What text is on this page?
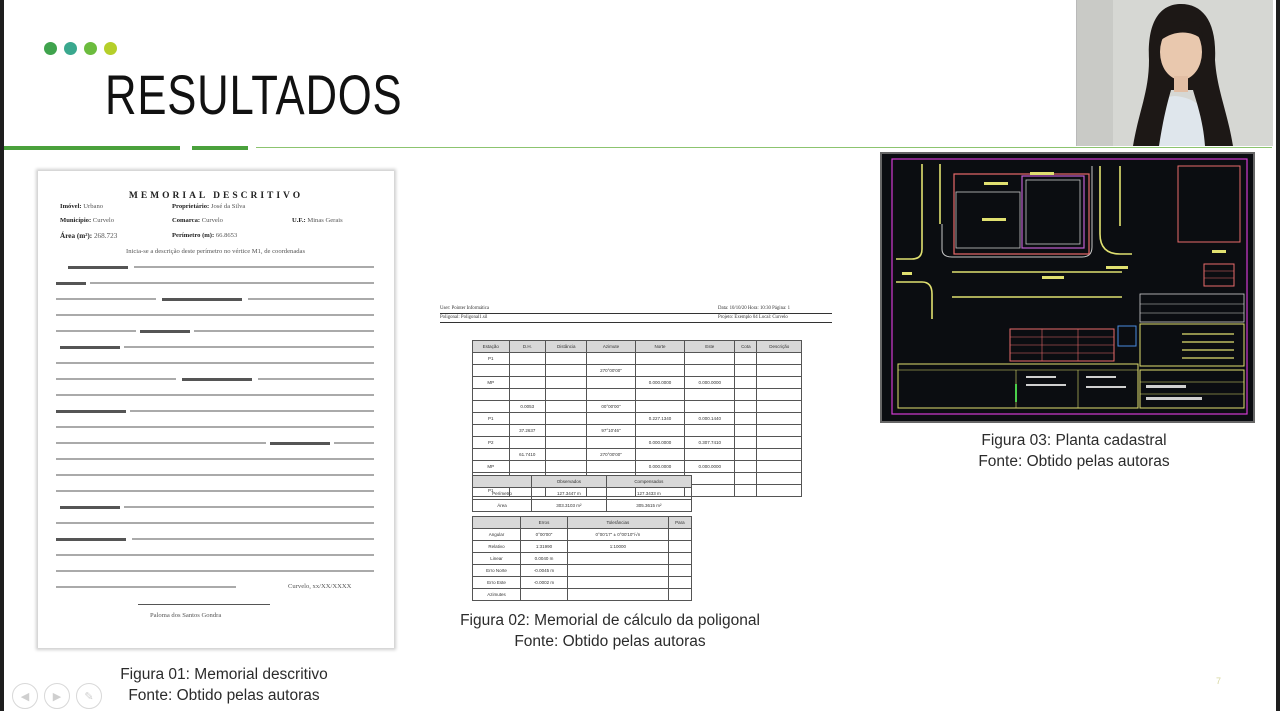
RESULTADOS
MEMORIAL DESCRITIVO
Imóvel: Urbano	Proprietário: José da Silva
Município: Curvelo	Comarca: Curvelo	U.F.: Minas Gerais
Área (m²): 268.723	Perímetro (m): 66.8653
Inicia-se a descrição deste perímetro no vértice M1, de coordenadas
Curvelo, xx/XX/XXXX
Paloma dos Santos Gondra
Figura 01: Memorial descritivo
Fonte: Obtido pelas autoras
User: Pointer Informática	Data: 10/10/20 Hora: 10:30 Página: 1
Poligonal: Poligonal1.sil	Projeto: Exemplo 04 Local: Curvelo
Estação	D.H.	Distância	Azimute	Norte	Este	Cota	Descrição
P1							
			270°00'00"				
MP				0.000.0000	0.000.0000		

	0.0053		00°00'00"				
P1				0.227.1340	0.000.1440		
	37.2637		97°10'46"				
P2				0.000.0000	0.307.7410		
	61.7410		270°00'00"				
MP				0.000.0000	0.000.0000		

P1							
	Observados	Compensados
Perímetro	127.3447 m	127.3433 m
Área	303.3103 m²	305.3615 m²
	Erros	Tolerâncias	Para
Angular	0°00'00"	0°00'17" ± 0°00'10"/√n	
Relativo	1:31990	1:10000	
Linear	0.0040 m		
Erro Norte	-0.0045 m		
Erro Este	-0.0002 m		
Azimutes			
Figura 02: Memorial de cálculo da poligonal
Fonte: Obtido pelas autoras
Figura 03: Planta cadastral
Fonte: Obtido pelas autoras
◀	▶	✎
7
